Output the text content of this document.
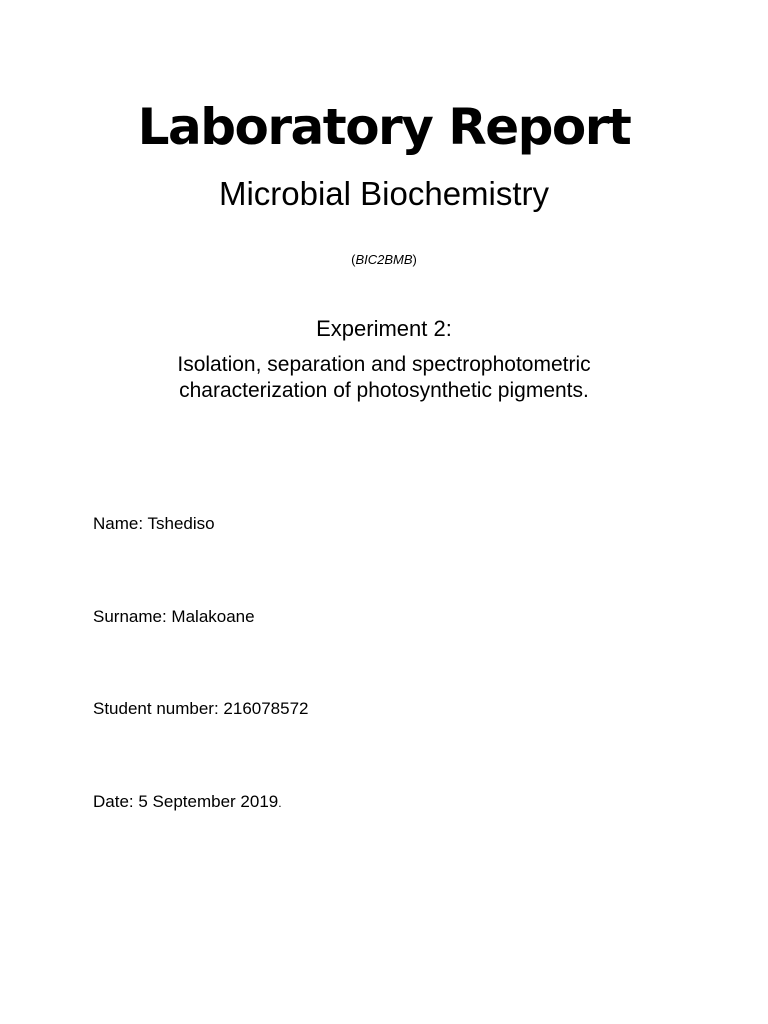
Laboratory Report
Microbial Biochemistry
(BIC2BMB)
Experiment 2:
Isolation, separation and spectrophotometric
characterization of photosynthetic pigments.
Name: Tshediso
Surname: Malakoane
Student number: 216078572
Date: 5 September 2019.
